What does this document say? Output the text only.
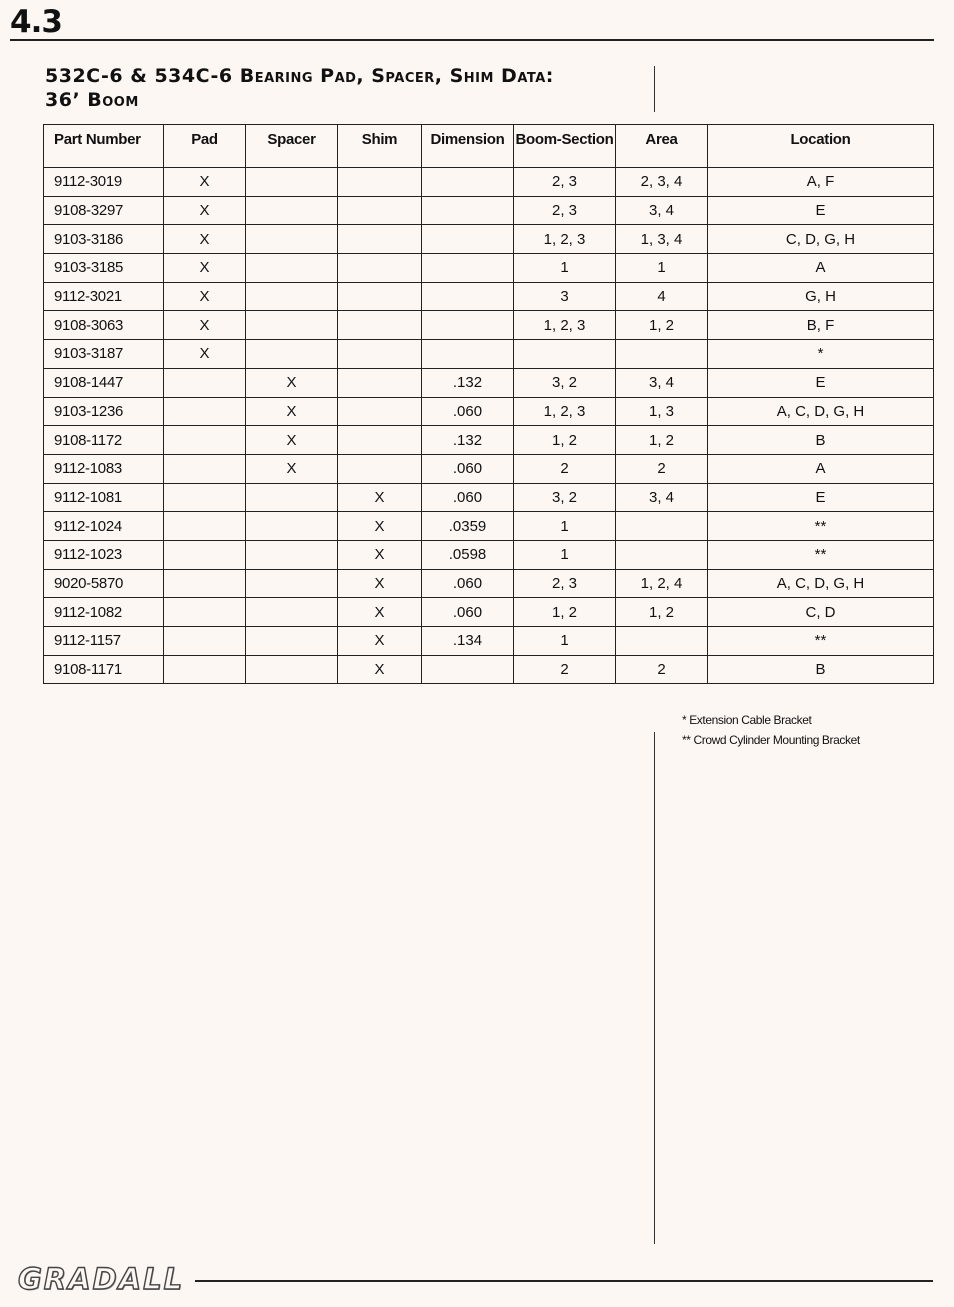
4.3
532C-6 & 534C-6 Bearing Pad, Spacer, Shim Data:
36’ Boom
Part Number	Pad	Spacer	Shim	Dimension	Boom-Section	Area	Location
9112-3019	X				2, 3	2, 3, 4	A, F
9108-3297	X				2, 3	3, 4	E
9103-3186	X				1, 2, 3	1, 3, 4	C, D, G, H
9103-3185	X				1	1	A
9112-3021	X				3	4	G, H
9108-3063	X				1, 2, 3	1, 2	B, F
9103-3187	X						*
9108-1447		X		.132	3, 2	3, 4	E
9103-1236		X		.060	1, 2, 3	1, 3	A, C, D, G, H
9108-1172		X		.132	1, 2	1, 2	B
9112-1083		X		.060	2	2	A
9112-1081			X	.060	3, 2	3, 4	E
9112-1024			X	.0359	1		**
9112-1023			X	.0598	1		**
9020-5870			X	.060	2, 3	1, 2, 4	A, C, D, G, H
9112-1082			X	.060	1, 2	1, 2	C, D
9112-1157			X	.134	1		**
9108-1171			X		2	2	B
* Extension Cable Bracket
** Crowd Cylinder Mounting Bracket
GRADALL
